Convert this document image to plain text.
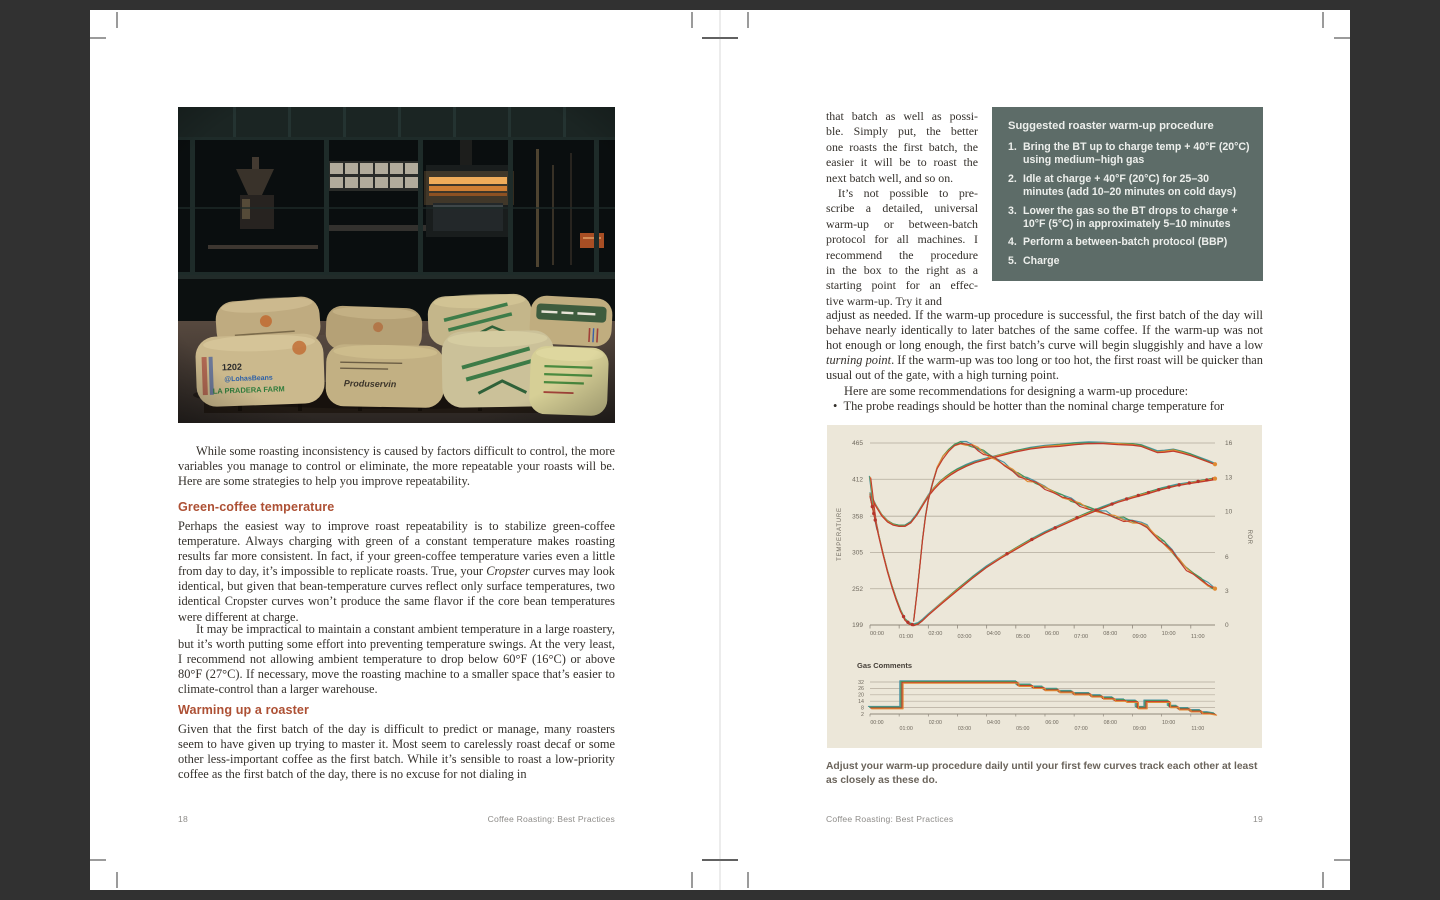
While some roasting inconsistency is caused by factors difficult to control, the more variables you manage to control or eliminate, the more repeatable your roasts will be. Here are some strategies to help you improve repeatability.
Green-coffee temperature
Perhaps the easiest way to improve roast repeatability is to stabilize green-coffee temperature. Always charging with green of a constant temperature makes roasting results far more consistent. In fact, if your green-coffee temperature varies even a little from day to day, it’s impossible to replicate roasts. True, your Cropster curves may look identical, but given that bean-temperature curves reflect only surface temperatures, two identical Cropster curves won’t produce the same flavor if the core bean temperatures were different at charge.
It may be impractical to maintain a constant ambient temperature in a large roastery, but it’s worth putting some effort into preventing temperature swings. At the very least, I recommend not allowing ambient temperature to drop below 60°F (16°C) or above 80°F (27°C). If necessary, move the roasting machine to a smaller space that’s easier to climate-control than a larger warehouse.
Warming up a roaster
Given that the first batch of the day is difficult to predict or manage, many roasters seem to have given up trying to master it. Most seem to carelessly roast decaf or some other less-important coffee as the first batch. While it’s sensible to roast a low-priority coffee as the first batch of the day, there is no excuse for not dialing in
18	Coffee Roasting: Best Practices
that batch as well as possi-
ble. Simply put, the better
one roasts the first batch, the
easier it will be to roast the
next batch well, and so on.
  It’s not possible to pre-
scribe a detailed, universal
warm-up or between-batch
protocol for all machines. I
recommend the procedure
in the box to the right as a
starting point for an effec-
tive warm-up. Try it and
Suggested roaster warm-up procedure
1. Bring the BT up to charge temp + 40°F (20°C) using medium–high gas
2. Idle at charge + 40°F (20°C) for 25–30 minutes (add 10–20 minutes on cold days)
3. Lower the gas so the BT drops to charge + 10°F (5°C) in approximately 5–10 minutes
4. Perform a between-batch protocol (BBP)
5. Charge
adjust as needed. If the warm-up procedure is successful, the first batch of the day will behave nearly identically to later batches of the same coffee. If the warm-up was not hot enough or long enough, the first batch’s curve will begin sluggishly and have a low turning point. If the warm-up was too long or too hot, the first roast will be quicker than usual out of the gate, with a high turning point.
Here are some recommendations for designing a warm-up procedure:
• The probe readings should be hotter than the nominal charge temperature for
465
412
358
305
252
199
16
13
10
6
3
0
TEMPERATURE	ROR
00:00	01:00	02:00	03:00	04:00	05:00	06:00	07:00	08:00	09:00	10:00	11:00
Gas Comments
32
26
20
14
8
2
00:00
01:00
02:00
03:00
04:00
05:00
06:00
07:00
08:00
09:00
10:00
11:00
Adjust your warm-up procedure daily until your first few curves track each other at least as closely as these do.
Coffee Roasting: Best Practices	19
